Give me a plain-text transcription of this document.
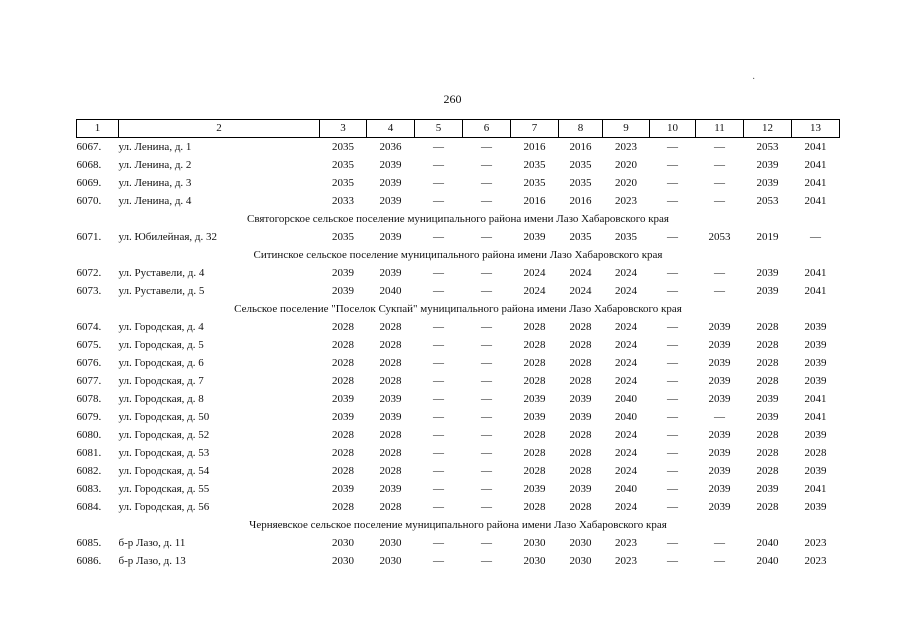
260
·
1	2	3	4	5	6	7	8	9	10	11	12	13
6067.	ул. Ленина, д. 1	2035	2036	—	—	2016	2016	2023	—	—	2053	2041
6068.	ул. Ленина, д. 2	2035	2039	—	—	2035	2035	2020	—	—	2039	2041
6069.	ул. Ленина, д. 3	2035	2039	—	—	2035	2035	2020	—	—	2039	2041
6070.	ул. Ленина, д. 4	2033	2039	—	—	2016	2016	2023	—	—	2053	2041
Святогорское сельское поселение муниципального района имени Лазо Хабаровского края												
6071.	ул. Юбилейная, д. 32	2035	2039	—	—	2039	2035	2035	—	2053	2019	—
Ситинское сельское поселение муниципального района имени Лазо Хабаровского края												
6072.	ул. Руставели, д. 4	2039	2039	—	—	2024	2024	2024	—	—	2039	2041
6073.	ул. Руставели, д. 5	2039	2040	—	—	2024	2024	2024	—	—	2039	2041
Сельское поселение "Поселок Сукпай" муниципального района имени Лазо Хабаровского края												
6074.	ул. Городская, д. 4	2028	2028	—	—	2028	2028	2024	—	2039	2028	2039
6075.	ул. Городская, д. 5	2028	2028	—	—	2028	2028	2024	—	2039	2028	2039
6076.	ул. Городская, д. 6	2028	2028	—	—	2028	2028	2024	—	2039	2028	2039
6077.	ул. Городская, д. 7	2028	2028	—	—	2028	2028	2024	—	2039	2028	2039
6078.	ул. Городская, д. 8	2039	2039	—	—	2039	2039	2040	—	2039	2039	2041
6079.	ул. Городская, д. 50	2039	2039	—	—	2039	2039	2040	—	—	2039	2041
6080.	ул. Городская, д. 52	2028	2028	—	—	2028	2028	2024	—	2039	2028	2039
6081.	ул. Городская, д. 53	2028	2028	—	—	2028	2028	2024	—	2039	2028	2028
6082.	ул. Городская, д. 54	2028	2028	—	—	2028	2028	2024	—	2039	2028	2039
6083.	ул. Городская, д. 55	2039	2039	—	—	2039	2039	2040	—	2039	2039	2041
6084.	ул. Городская, д. 56	2028	2028	—	—	2028	2028	2024	—	2039	2028	2039
Черняевское сельское поселение муниципального района имени Лазо Хабаровского края												
6085.	б-р Лазо, д. 11	2030	2030	—	—	2030	2030	2023	—	—	2040	2023
6086.	б-р Лазо, д. 13	2030	2030	—	—	2030	2030	2023	—	—	2040	2023
